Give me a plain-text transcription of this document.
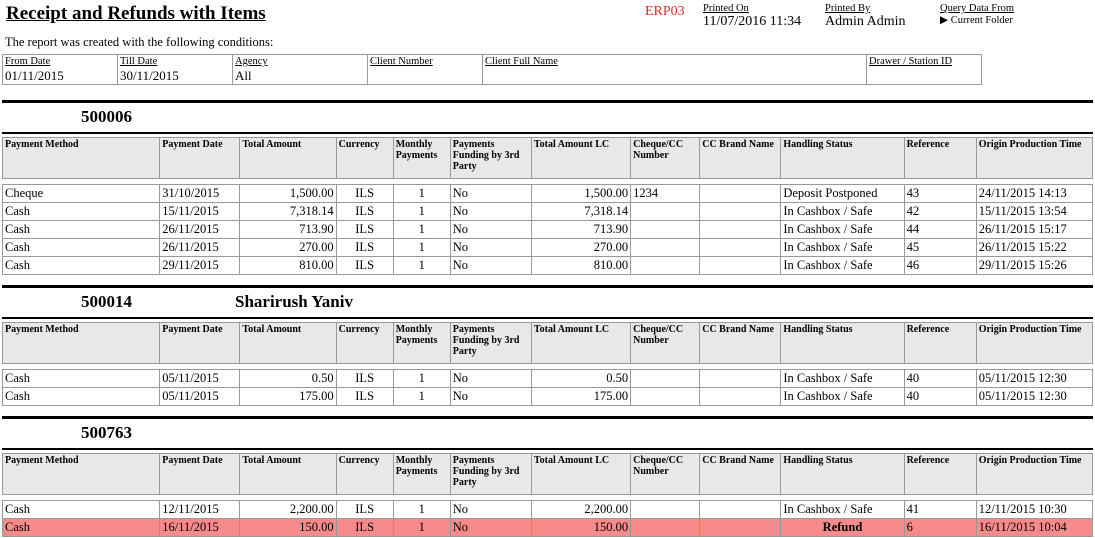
Receipt and Refunds with Items	ERP03 Printed On
11/07/2016 11:34
Printed By
Admin Admin
Query Data From
▶ Current Folder
The report was created with the following conditions:
From Date
01/11/2015
Till Date
30/11/2015
Agency
All
Client Number	Client Full Name	Drawer / Station ID
500006
Payment Method	Payment Date	Total Amount	Currency	Monthly Payments	Payments Funding by 3rd Party	Total Amount LC	Cheque/CC Number	CC Brand Name	Handling Status	Reference	Origin Production Time

Cheque	31/10/2015	1,500.00	ILS	1	No	1,500.00	1234		Deposit Postponed	43	24/11/2015 14:13
Cash	15/11/2015	7,318.14	ILS	1	No	7,318.14			In Cashbox / Safe	42	15/11/2015 13:54
Cash	26/11/2015	713.90	ILS	1	No	713.90			In Cashbox / Safe	44	26/11/2015 15:17
Cash	26/11/2015	270.00	ILS	1	No	270.00			In Cashbox / Safe	45	26/11/2015 15:22
Cash	29/11/2015	810.00	ILS	1	No	810.00			In Cashbox / Safe	46	29/11/2015 15:26
500014	Sharirush Yaniv
Payment Method	Payment Date	Total Amount	Currency	Monthly Payments	Payments Funding by 3rd Party	Total Amount LC	Cheque/CC Number	CC Brand Name	Handling Status	Reference	Origin Production Time

Cash	05/11/2015	0.50	ILS	1	No	0.50			In Cashbox / Safe	40	05/11/2015 12:30
Cash	05/11/2015	175.00	ILS	1	No	175.00			In Cashbox / Safe	40	05/11/2015 12:30
500763
Payment Method	Payment Date	Total Amount	Currency	Monthly Payments	Payments Funding by 3rd Party	Total Amount LC	Cheque/CC Number	CC Brand Name	Handling Status	Reference	Origin Production Time

Cash	12/11/2015	2,200.00	ILS	1	No	2,200.00			In Cashbox / Safe	41	12/11/2015 10:30
Cash	16/11/2015	150.00	ILS	1	No	150.00			Refund	6	16/11/2015 10:04
